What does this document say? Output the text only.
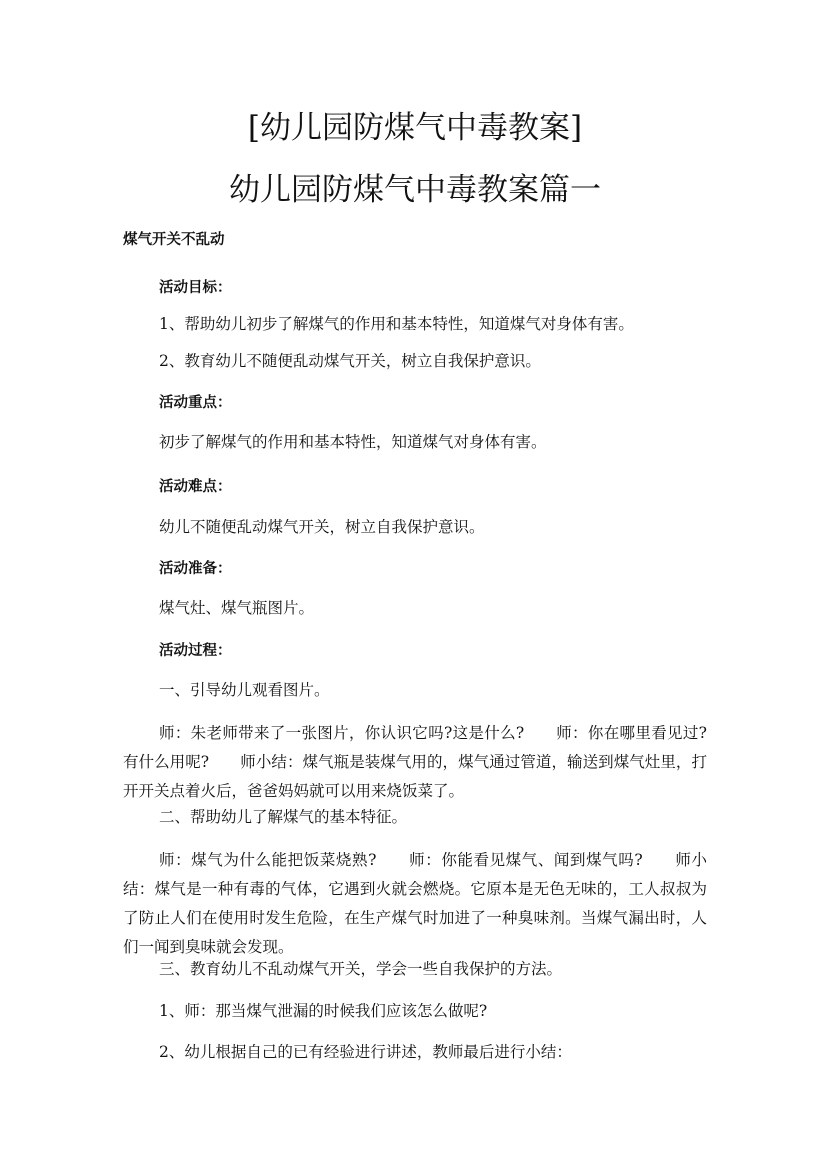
[幼儿园防煤气中毒教案]
幼儿园防煤气中毒教案篇一

煤气开关不乱动

活动目标：

1、帮助幼儿初步了解煤气的作用和基本特性，知道煤气对身体有害。

2、教育幼儿不随便乱动煤气开关，树立自我保护意识。

活动重点：

初步了解煤气的作用和基本特性，知道煤气对身体有害。

活动难点：

幼儿不随便乱动煤气开关，树立自我保护意识。

活动准备：

煤气灶、煤气瓶图片。

活动过程：

一、引导幼儿观看图片。

师：朱老师带来了一张图片，你认识它吗?这是什么?　　师：你在哪里看见过?有什么用呢?　　师小结：煤气瓶是装煤气用的，煤气通过管道，输送到煤气灶里，打开开关点着火后，爸爸妈妈就可以用来烧饭菜了。

二、帮助幼儿了解煤气的基本特征。

师：煤气为什么能把饭菜烧熟?　　师：你能看见煤气、闻到煤气吗?　　师小结：煤气是一种有毒的气体，它遇到火就会燃烧。它原本是无色无味的，工人叔叔为了防止人们在使用时发生危险，在生产煤气时加进了一种臭味剂。当煤气漏出时，人们一闻到臭味就会发现。

三、教育幼儿不乱动煤气开关，学会一些自我保护的方法。

1、师：那当煤气泄漏的时候我们应该怎么做呢?

2、幼儿根据自己的已有经验进行讲述，教师最后进行小结：
